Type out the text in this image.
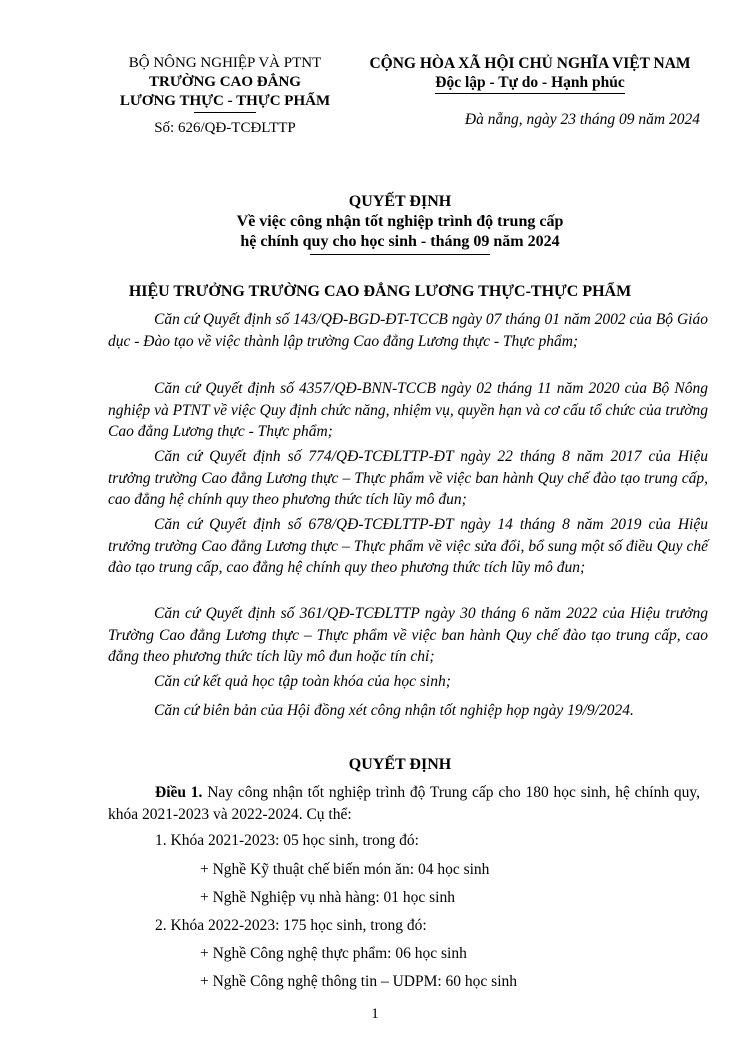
BỘ NÔNG NGHIỆP VÀ PTNT
TRƯỜNG CAO ĐẲNG
LƯƠNG THỰC - THỰC PHẨM
Số: 626/QĐ-TCĐLTTP
CỘNG HÒA XÃ HỘI CHỦ NGHĨA VIỆT NAM
Độc lập - Tự do - Hạnh phúc
Đà nẵng, ngày 23 tháng 09 năm 2024
QUYẾT ĐỊNH
Về việc công nhận tốt nghiệp trình độ trung cấp
hệ chính quy cho học sinh - tháng 09 năm 2024
HIỆU TRƯỞNG TRƯỜNG CAO ĐẲNG LƯƠNG THỰC-THỰC PHẨM
Căn cứ Quyết định số 143/QĐ-BGD-ĐT-TCCB ngày 07 tháng 01 năm 2002 của Bộ Giáo dục - Đào tạo về việc thành lập trường Cao đẳng Lương thực - Thực phẩm;
Căn cứ Quyết định số 4357/QĐ-BNN-TCCB ngày 02 tháng 11 năm 2020 của Bộ Nông nghiệp và PTNT về việc Quy định chức năng, nhiệm vụ, quyền hạn và cơ cấu tổ chức của trường Cao đẳng Lương thực - Thực phẩm;
Căn cứ Quyết định số 774/QĐ-TCĐLTTP-ĐT ngày 22 tháng 8 năm 2017 của Hiệu trưởng trường Cao đẳng Lương thực – Thực phẩm về việc ban hành Quy chế đào tạo trung cấp, cao đẳng hệ chính quy theo phương thức tích lũy mô đun;
Căn cứ Quyết định số 678/QĐ-TCĐLTTP-ĐT ngày 14 tháng 8 năm 2019 của Hiệu trưởng trường Cao đẳng Lương thực – Thực phẩm về việc sửa đổi, bổ sung một số điều Quy chế đào tạo trung cấp, cao đẳng hệ chính quy theo phương thức tích lũy mô đun;
Căn cứ Quyết định số 361/QĐ-TCĐLTTP ngày 30 tháng 6 năm 2022 của Hiệu trưởng Trường Cao đẳng Lương thực – Thực phẩm về việc ban hành Quy chế đào tạo trung cấp, cao đẳng theo phương thức tích lũy mô đun hoặc tín chỉ;
Căn cứ kết quả học tập toàn khóa của học sinh;
Căn cứ biên bản của Hội đồng xét công nhận tốt nghiệp họp ngày 19/9/2024.
QUYẾT ĐỊNH
Điều 1. Nay công nhận tốt nghiệp trình độ Trung cấp cho 180 học sinh, hệ chính quy, khóa 2021-2023 và 2022-2024. Cụ thể:
1. Khóa 2021-2023: 05 học sinh, trong đó:
+ Nghề Kỹ thuật chế biến món ăn: 04 học sinh
+ Nghề Nghiệp vụ nhà hàng: 01 học sinh
2. Khóa 2022-2023: 175 học sinh, trong đó:
+ Nghề Công nghệ thực phẩm: 06 học sinh
+ Nghề Công nghệ thông tin – UDPM: 60 học sinh
1
